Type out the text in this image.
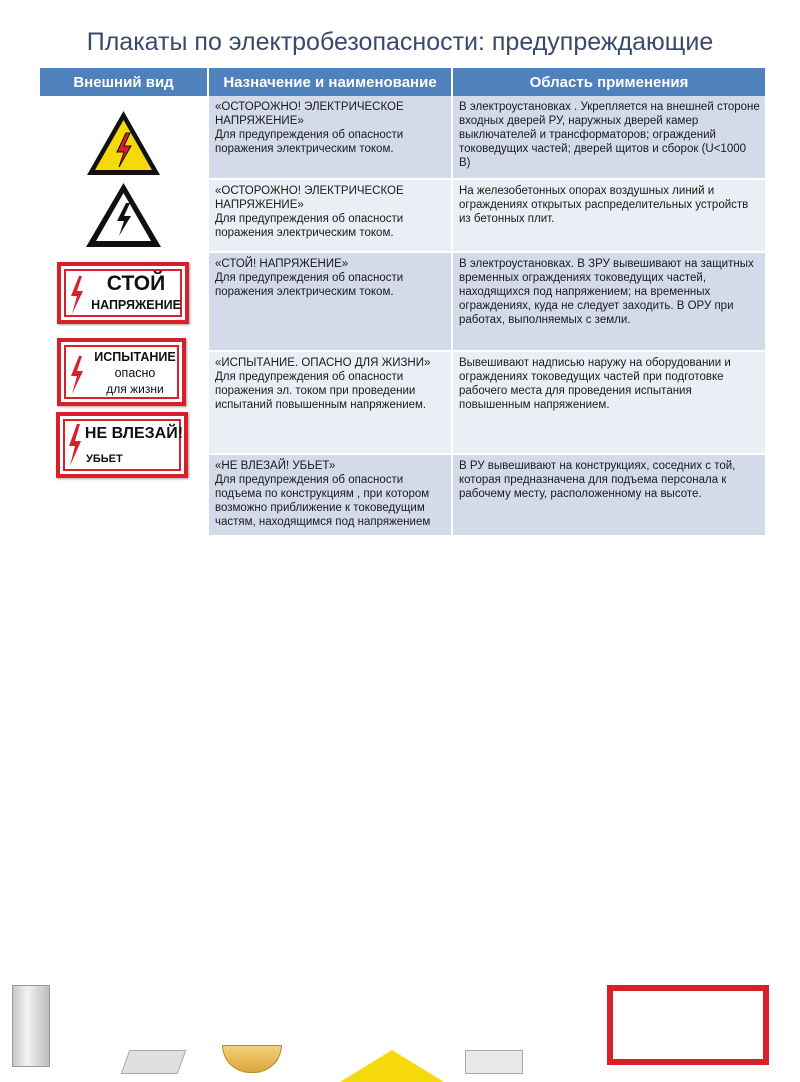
Плакаты по электробезопасности: предупреждающие
Внешний вид	Назначение и наименование	Область применения

	«ОСТОРОЖНО! ЭЛЕКТРИЧЕСКОЕ НАПРЯЖЕНИЕ»
Для предупреждения об опасности поражения электрическим током.	В электроустановках . Укрепляется на внешней стороне входных дверей РУ, наружных дверей камер выключателей и трансформаторов; ограждений токоведущих частей; дверей щитов и сборок (U<1000 В)

	«ОСТОРОЖНО! ЭЛЕКТРИЧЕСКОЕ НАПРЯЖЕНИЕ»
Для предупреждения об опасности поражения электрическим током.	На железобетонных опорах воздушных линий и ограждениях открытых распределительных устройств из бетонных плит.

	«СТОЙ! НАПРЯЖЕНИЕ»
Для предупреждения об опасности поражения электрическим током.	В электроустановках. В ЗРУ вывешивают на защитных временных ограждениях токоведущих частей, находящихся под напряжением; на временных ограждениях, куда не следует заходить. В ОРУ при работах, выполняемых с земли.

	«ИСПЫТАНИЕ. ОПАСНО ДЛЯ ЖИЗНИ»
Для предупреждения об опасности поражения эл. током при проведении испытаний повышенным напряжением.	Вывешивают надписью наружу на оборудовании и ограждениях токоведущих частей при подготовке рабочего места для проведения испытания повышенным напряжением.

	«НЕ ВЛЕЗАЙ! УБЬЕТ»
Для предупреждения об опасности подъема по конструкциям , при котором возможно приближение к токоведущим частям, находящимся под напряжением	В РУ вывешивают на конструкциях, соседних с той, которая предназначена для подъема персонала к рабочему месту, расположенному на высоте.
СТОЙ
НАПРЯЖЕНИЕ
ИСПЫТАНИЕ
опасно
для жизни
НЕ ВЛЕЗАЙ!
УБЬЕТ
